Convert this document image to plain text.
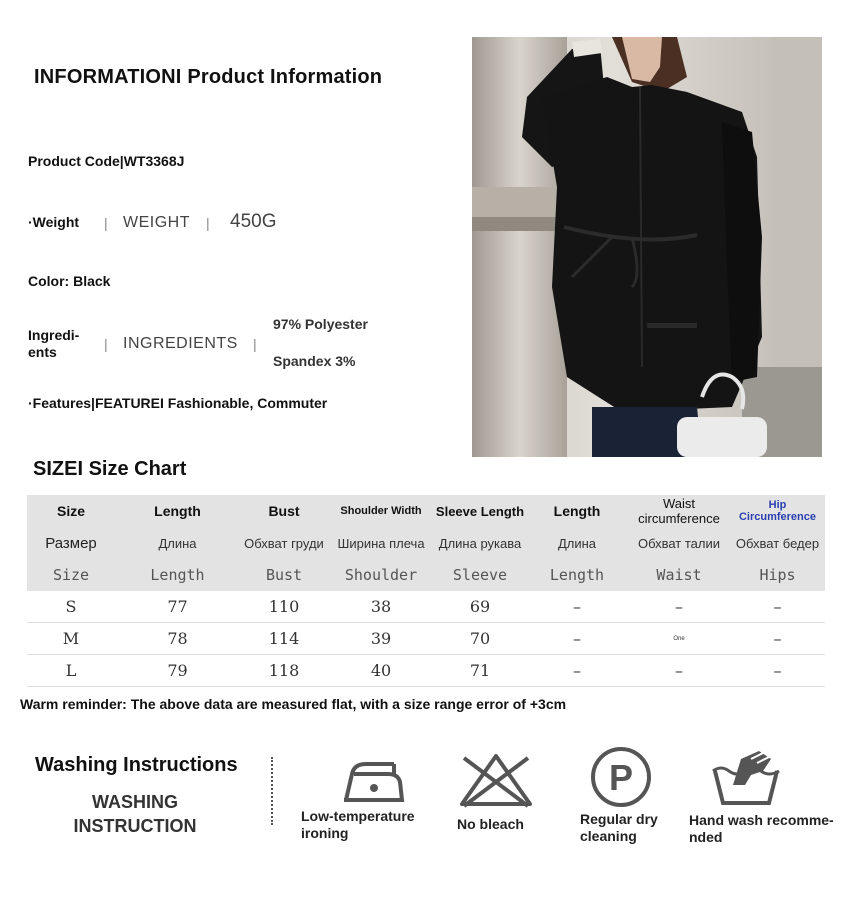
INFORMATIONI Product Information
Product Code|WT3368J
·Weight | WEIGHT | 450G
Color: Black
Ingredi-
ents	| INGREDIENTS |
97% Polyester
Spandex 3%
·Features|FEATUREI Fashionable, Commuter
SIZEI Size Chart
Size	Length	Bust	Shoulder Width	Sleeve Length	Length	Waist circumference	Hip Circumference
Размер	Длина	Обхват груди	Ширина плеча	Длина рукава	Длина	Обхват талии	Обхват бедер
Size	Length	Bust	Shoulder	Sleeve	Length	Waist	Hips
S	77	110	38	69	–	–	–
M	78	114	39	70	–	One	–
L	79	118	40	71	–	–	–
Warm reminder: The above data are measured flat, with a size range error of +3cm
Washing Instructions
WASHING
INSTRUCTION	Low-temperature
ironing
No bleach
P
Regular dry
cleaning
Hand wash recomme-
nded
